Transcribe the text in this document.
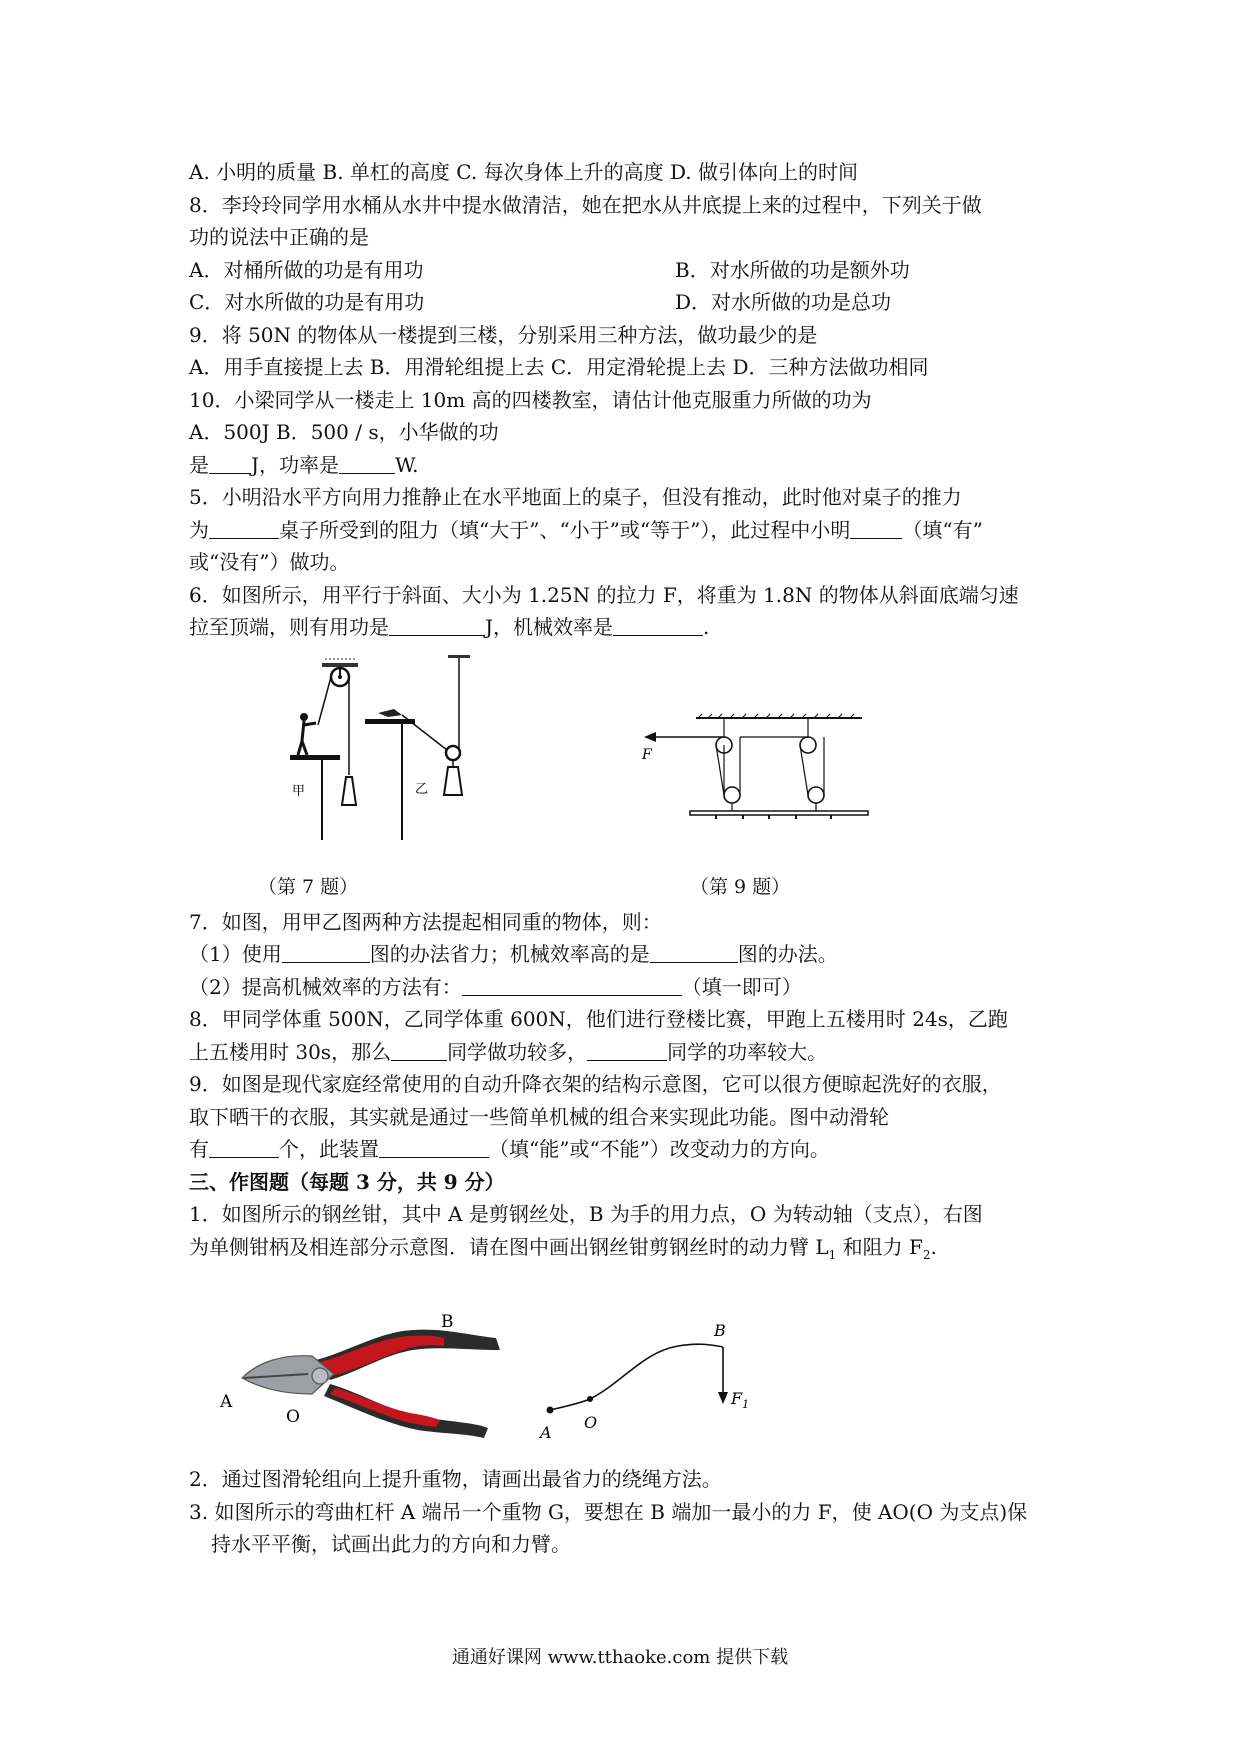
A. 小明的质量 B. 单杠的高度 C. 每次身体上升的高度 D. 做引体向上的时间
8．李玲玲同学用水桶从水井中提水做清洁，她在把水从井底提上来的过程中，下列关于做
功的说法中正确的是
A．对桶所做的功是有用功	B．对水所做的功是额外功
C．对水所做的功是有用功	D．对水所做的功是总功
9．将 50N 的物体从一楼提到三楼，分别采用三种方法，做功最少的是
A．用手直接提上去 B．用滑轮组提上去 C．用定滑轮提上去 D．三种方法做功相同
10．小梁同学从一楼走上 10m 高的四楼教室，请估计他克服重力所做的功为
A．500J B．500 / s，小华做的功
是 J，功率是	W.
5．小明沿水平方向用力推静止在水平地面上的桌子，但没有推动，此时他对桌子的推力
为	桌子所受到的阻力（填“大于”、“小于”或“等于”），此过程中小明	（填“有”
或“没有”）做功。
6．如图所示，用平行于斜面、大小为 1.25N 的拉力 F，将重为 1.8N 的物体从斜面底端匀速
拉至顶端，则有用功是	J，机械效率是	.
7．如图，用甲乙图两种方法提起相同重的物体，则：
（1）使用	图的办法省力；机械效率高的是	图的办法。
（2）提高机械效率的方法有：	（填一即可）
8．甲同学体重 500N，乙同学体重 600N，他们进行登楼比赛，甲跑上五楼用时 24s，乙跑
上五楼用时 30s，那么	同学做功较多，	同学的功率较大。
9．如图是现代家庭经常使用的自动升降衣架的结构示意图，它可以很方便晾起洗好的衣服，
取下晒干的衣服，其实就是通过一些简单机械的组合来实现此功能。图中动滑轮
有	个，此装置	（填“能”或“不能”）改变动力的方向。
三、作图题（每题 3 分，共 9 分）
1．如图所示的钢丝钳，其中 A 是剪钢丝处，B 为手的用力点，O 为转动轴（支点），右图
为单侧钳柄及相连部分示意图．请在图中画出钢丝钳剪钢丝时的动力臂 $L_1$ 和阻力 $F_2$.
2．通过图滑轮组向上提升重物，请画出最省力的绕绳方法。
3. 如图所示的弯曲杠杆 A 端吊一个重物 G，要想在 B 端加一最小的力 F，使 AO(O 为支点)保
持水平平衡，试画出此力的方向和力臂。
甲	乙
（第 7 题）
F
（第 9 题）
A
O
B
A
O
B
$F_1$
通通好课网 www.tthaoke.com 提供下载
